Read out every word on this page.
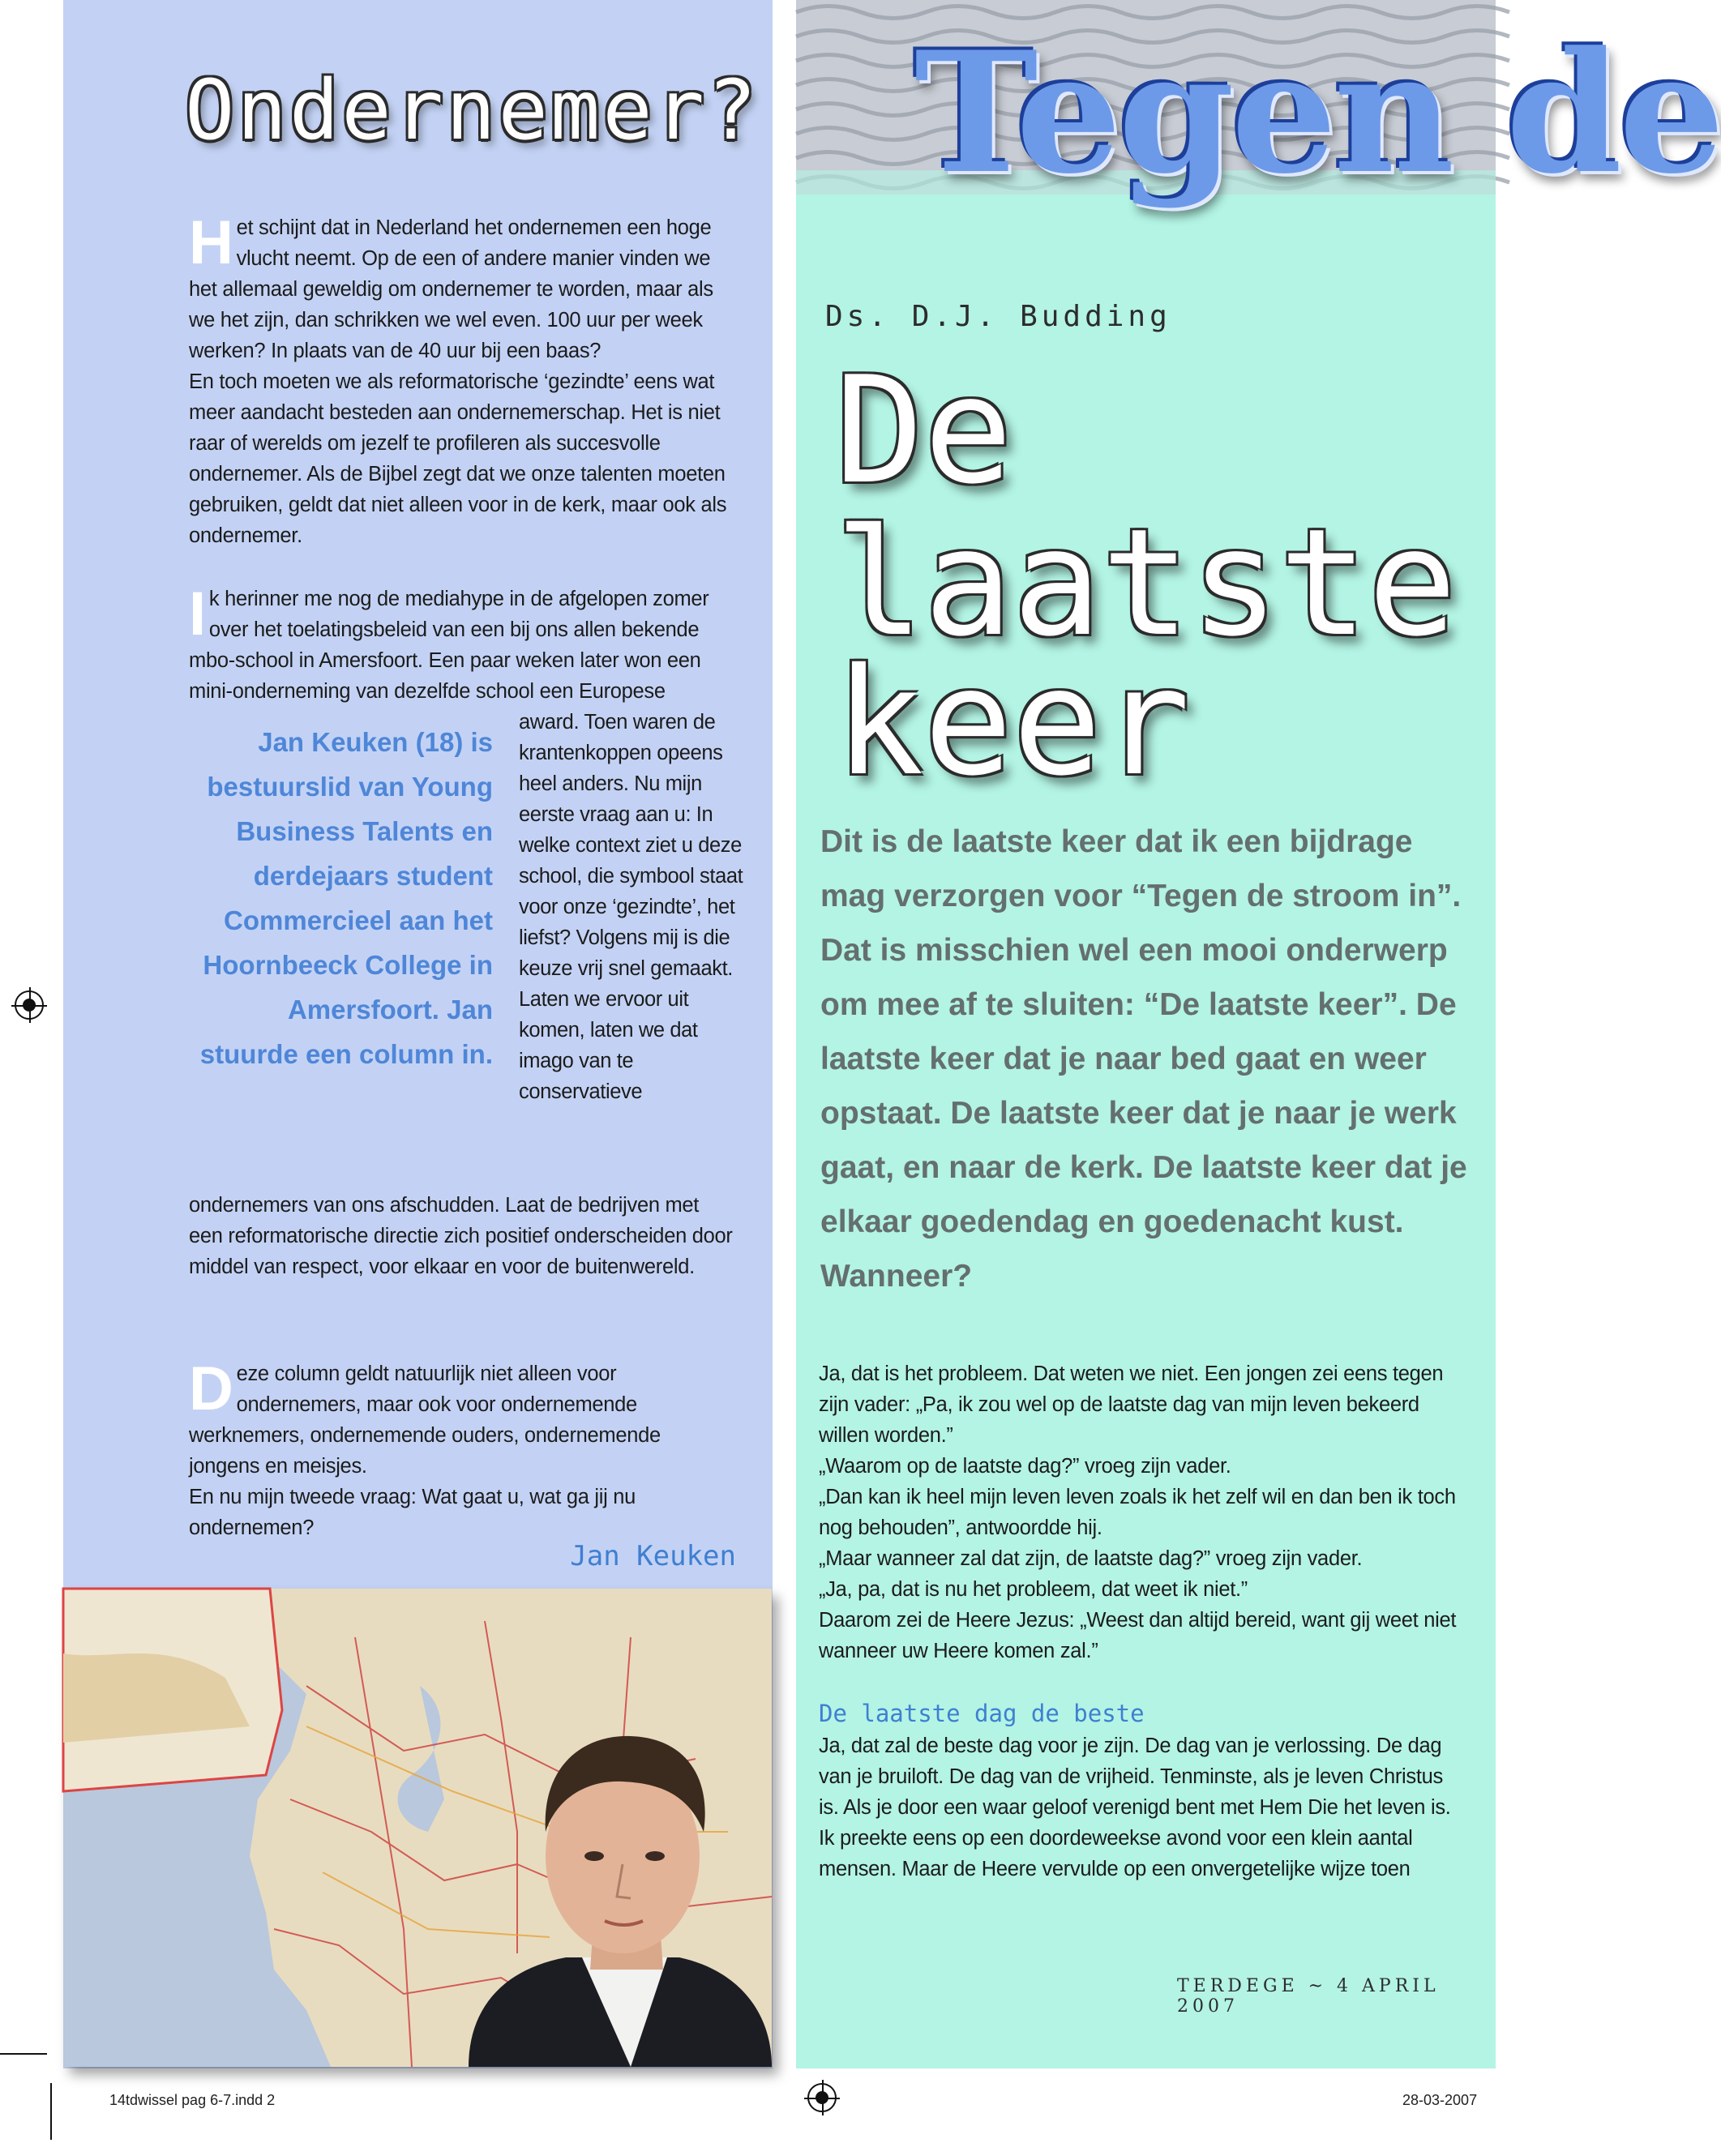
Ondernemer?

Het schijnt dat in Nederland het ondernemen een hoge vlucht neemt. Op de een of andere manier vinden we het allemaal geweldig om ondernemer te worden, maar als we het zijn, dan schrikken we wel even. 100 uur per week werken? In plaats van de 40 uur bij een baas?

En toch moeten we als reformatorische ‘gezindte’ eens wat meer aandacht besteden aan ondernemerschap. Het is niet raar of werelds om jezelf te profileren als succesvolle ondernemer. Als de Bijbel zegt dat we onze talenten moeten gebruiken, geldt dat niet alleen voor in de kerk, maar ook als ondernemer.

Ik herinner me nog de mediahype in de afgelopen zomer over het toelatingsbeleid van een bij ons allen bekende mbo-school in Amersfoort. Een paar weken later won een mini-onderneming van dezelfde school een Europese

Jan Keuken (18) is bestuurslid van Young Business Talents en derdejaars student Commercieel aan het Hoornbeeck College in Amersfoort. Jan stuurde een column in.
award. Toen waren de krantenkoppen opeens heel anders. Nu mijn eerste vraag aan u: In welke context ziet u deze school, die symbool staat voor onze ‘gezindte’, het liefst? Volgens mij is die keuze vrij snel gemaakt. Laten we ervoor uit komen, laten we dat imago van te conservatieve
ondernemers van ons afschudden. Laat de bedrijven met een reformatorische directie zich positief onderscheiden door middel van respect, voor elkaar en voor de buitenwereld.

Deze column geldt natuurlijk niet alleen voor ondernemers, maar ook voor ondernemende werknemers, ondernemende ouders, ondernemende jongens en meisjes.

En nu mijn tweede vraag: Wat gaat u, wat ga jij nu ondernemen?

Jan Keuken
Tegen de
Ds. D.J. Budding
De
laatste
keer
Dit is de laatste keer dat ik een bijdrage mag verzorgen voor “Tegen de stroom in”. Dat is misschien wel een mooi onderwerp om mee af te sluiten: “De laatste keer”. De laatste keer dat je naar bed gaat en weer opstaat. De laatste keer dat je naar je werk gaat, en naar de kerk. De laatste keer dat je elkaar goedendag en goedenacht kust. Wanneer?

Ja, dat is het probleem. Dat weten we niet. Een jongen zei eens tegen zijn vader: „Pa, ik zou wel op de laatste dag van mijn leven bekeerd willen worden.”

„Waarom op de laatste dag?” vroeg zijn vader.

„Dan kan ik heel mijn leven leven zoals ik het zelf wil en dan ben ik toch nog behouden”, antwoordde hij.

„Maar wanneer zal dat zijn, de laatste dag?” vroeg zijn vader.

„Ja, pa, dat is nu het probleem, dat weet ik niet.”

Daarom zei de Heere Jezus: „Weest dan altijd bereid, want gij weet niet wanneer uw Heere komen zal.”

De laatste dag de beste

Ja, dat zal de beste dag voor je zijn. De dag van je verlossing. De dag van je bruiloft. De dag van de vrijheid. Tenminste, als je leven Christus is. Als je door een waar geloof verenigd bent met Hem Die het leven is.

Ik preekte eens op een doordeweekse avond voor een klein aantal mensen. Maar de Heere vervulde op een onvergetelijke wijze toen

TERDEGE ~ 4 APRIL 2007
14tdwissel pag 6-7.indd 2	28-03-2007
